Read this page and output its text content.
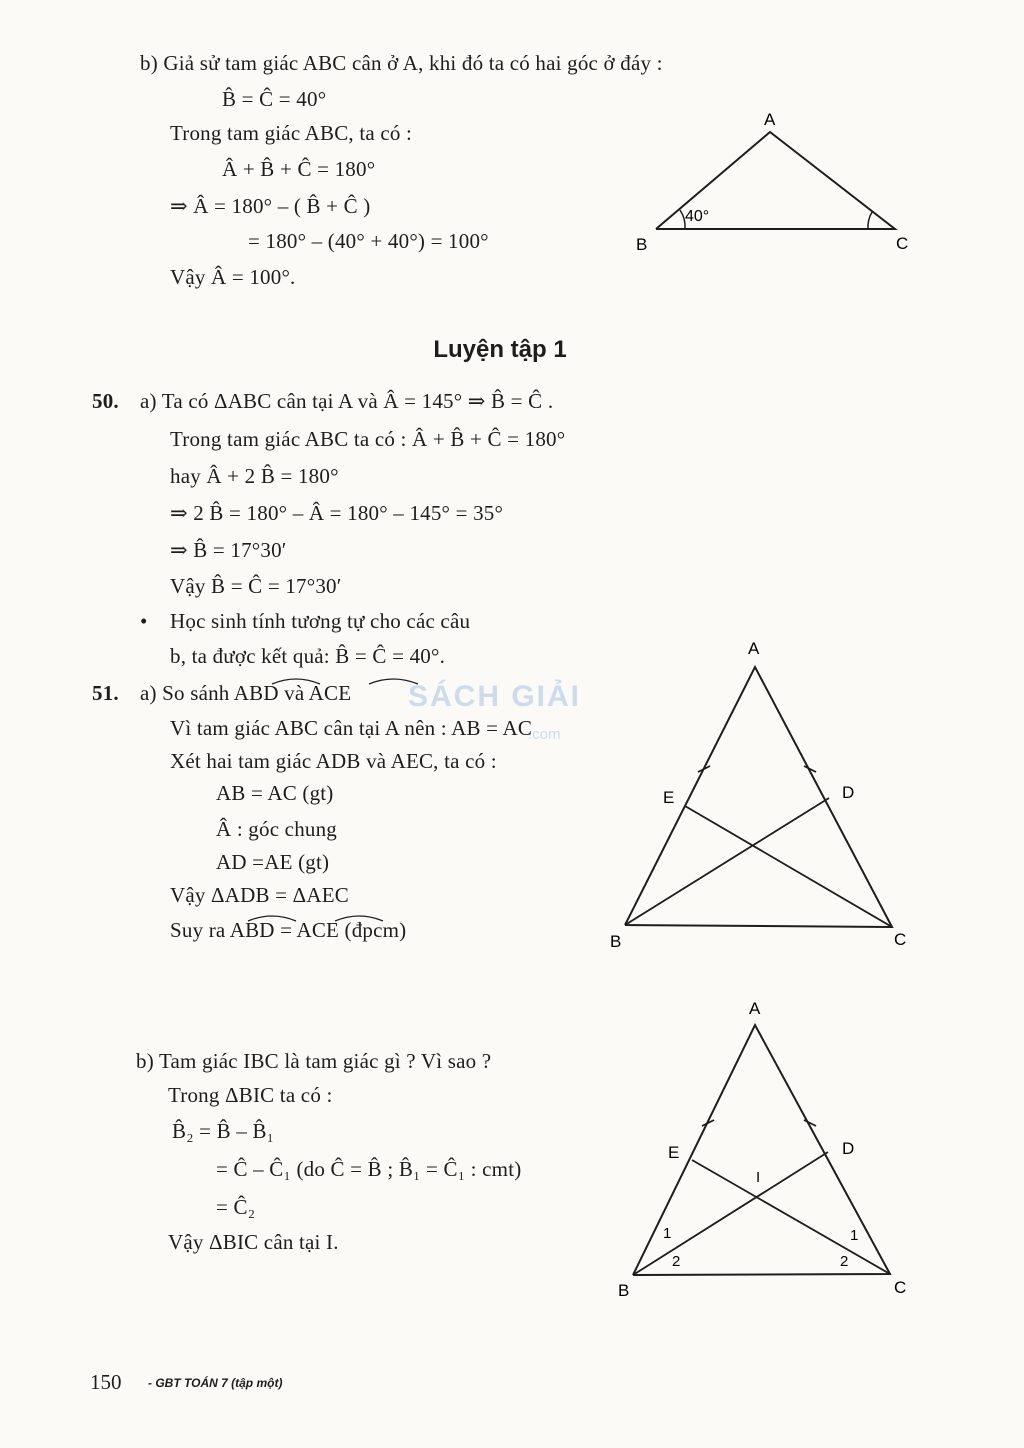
b) Giả sử tam giác ABC cân ở A, khi đó ta có hai góc ở đáy :
B̂ = Ĉ = 40°
Trong tam giác ABC, ta có :
Â + B̂ + Ĉ = 180°
⇒ Â = 180° – ( B̂ + Ĉ )
= 180° – (40° + 40°) = 100°
Vậy Â = 100°.
A
B	C
40°
Luyện tập 1
50. a) Ta có ΔABC cân tại A và Â = 145° ⇒ B̂ = Ĉ .
Trong tam giác ABC ta có : Â + B̂ + Ĉ = 180°
hay Â + 2 B̂ = 180°
⇒ 2 B̂ = 180° – Â = 180° – 145° = 35°
⇒ B̂ = 17°30′
Vậy B̂ = Ĉ = 17°30′
• Học sinh tính tương tự cho các câu
b, ta được kết quả: B̂ = Ĉ = 40°.
51. a) So sánh ABD và ACE
Vì tam giác ABC cân tại A nên : AB = AC
Xét hai tam giác ADB và AEC, ta có :
AB = AC (gt)
Â : góc chung
AD =AE (gt)
Vậy ΔADB = ΔAEC
Suy ra ABD = ACE (đpcm)
A
B	C
D
E
SÁCH GIẢI
.com
b) Tam giác IBC là tam giác gì ? Vì sao ?
Trong ΔBIC ta có :
B̂₂ = B̂ – B̂₁
= Ĉ – Ĉ₁ (do Ĉ = B̂ ; B̂₁ = Ĉ₁ : cmt)
= Ĉ₂
Vậy ΔBIC cân tại I.
A
B	C
D
E
I
1
2
1
2
150 - GBT TOÁN 7 (tập một)
